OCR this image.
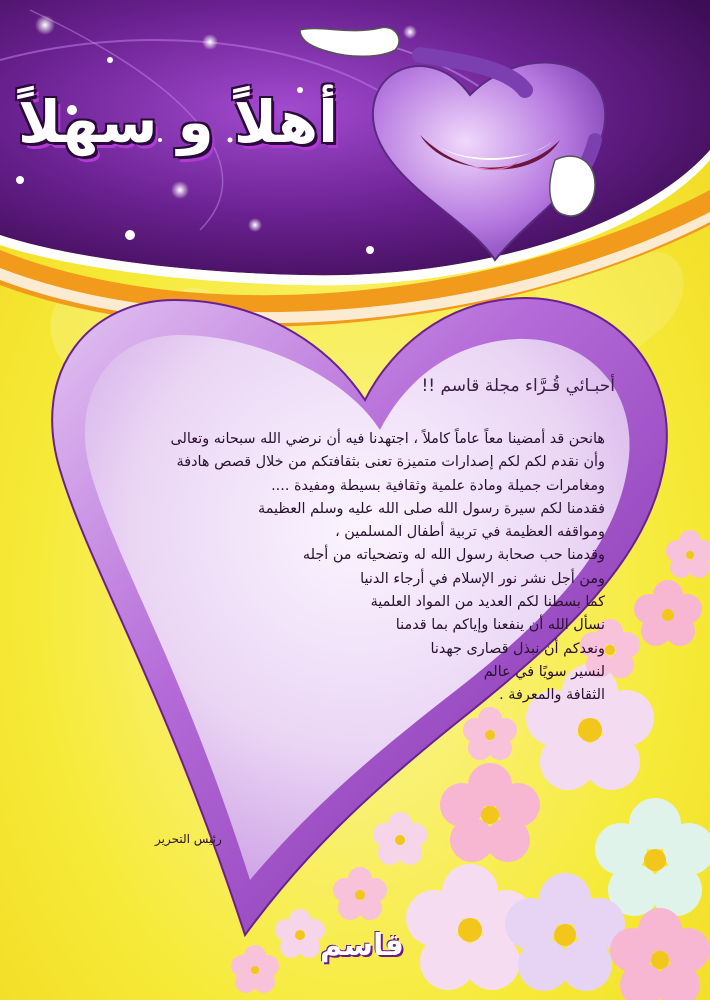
أهلاً و سهلاً
أحبـائي قُـرَّاء مجلة قاسم !!
هانحن قد أمضينا معاً عاماً كاملاً ، اجتهدنا فيه أن نرضي الله سبحانه وتعالى
وأن نقدم لكم لكم إصدارات متميزة تعنى بثقافتكم من خلال قصص هادفة
ومغامرات جميلة ومادة علمية وثقافية بسيطة ومفيدة ....
فقدمنا لكم سيرة رسول الله صلى الله عليه وسلم العظيمة
ومواقفه العظيمة في تربية أطفال المسلمين ،
وقدمنا حب صحابة رسول الله له وتضحياته من أجله
ومن أجل نشر نور الإسلام في أرجاء الدنيا
كما بسطنا لكم العديد من المواد العلمية
نسأل الله أن ينفعنا وإياكم بما قدمنا
ونعدكم أن نبذل قصارى جهدنا
لنسير سويًا في عالم
الثقافة والمعرفة .
رئيس التحرير
قاسم
